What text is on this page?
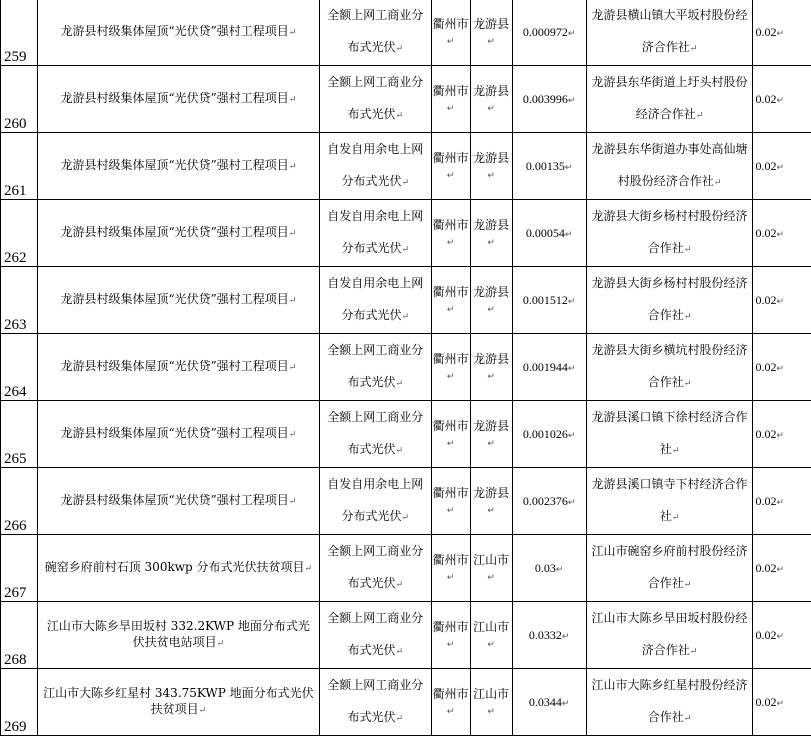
259	龙游县村级集体屋顶“光伏贷”强村工程项目↵	全额上网工商业分布式光伏↵	衢州市↵	龙游县↵	0.000972↵	龙游县横山镇大平坂村股份经济合作社↵	0.02↵
260	龙游县村级集体屋顶“光伏贷”强村工程项目↵	全额上网工商业分布式光伏↵	衢州市↵	龙游县↵	0.003996↵	龙游县东华街道上圩头村股份经济合作社↵	0.02↵
261	龙游县村级集体屋顶“光伏贷”强村工程项目↵	自发自用余电上网分布式光伏↵	衢州市↵	龙游县↵	0.00135↵	龙游县东华街道办事处高仙塘村股份经济合作社↵	0.02↵
262	龙游县村级集体屋顶“光伏贷”强村工程项目↵	自发自用余电上网分布式光伏↵	衢州市↵	龙游县↵	0.00054↵	龙游县大街乡杨村村股份经济合作社↵	0.02↵
263	龙游县村级集体屋顶“光伏贷”强村工程项目↵	自发自用余电上网分布式光伏↵	衢州市↵	龙游县↵	0.001512↵	龙游县大街乡杨村村股份经济合作社↵	0.02↵
264	龙游县村级集体屋顶“光伏贷”强村工程项目↵	全额上网工商业分布式光伏↵	衢州市↵	龙游县↵	0.001944↵	龙游县大街乡横坑村股份经济合作社↵	0.02↵
265	龙游县村级集体屋顶“光伏贷”强村工程项目↵	全额上网工商业分布式光伏↵	衢州市↵	龙游县↵	0.001026↵	龙游县溪口镇下徐村经济合作社↵	0.02↵
266	龙游县村级集体屋顶“光伏贷”强村工程项目↵	自发自用余电上网分布式光伏↵	衢州市↵	龙游县↵	0.002376↵	龙游县溪口镇寺下村经济合作社↵	0.02↵
267	碗窑乡府前村石顶 300kwp 分布式光伏扶贫项目↵	全额上网工商业分布式光伏↵	衢州市↵	江山市↵	0.03↵	江山市碗窑乡府前村股份经济合作社↵	0.02↵
268	江山市大陈乡旱田坂村 332.2KWP 地面分布式光伏扶贫电站项目↵	全额上网工商业分布式光伏↵	衢州市↵	江山市↵	0.0332↵	江山市大陈乡旱田坂村股份经济合作社↵	0.02↵
269	江山市大陈乡红星村 343.75KWP 地面分布式光伏扶贫项目↵	全额上网工商业分布式光伏↵	衢州市↵	江山市↵	0.0344↵	江山市大陈乡红星村股份经济合作社↵	0.02↵
